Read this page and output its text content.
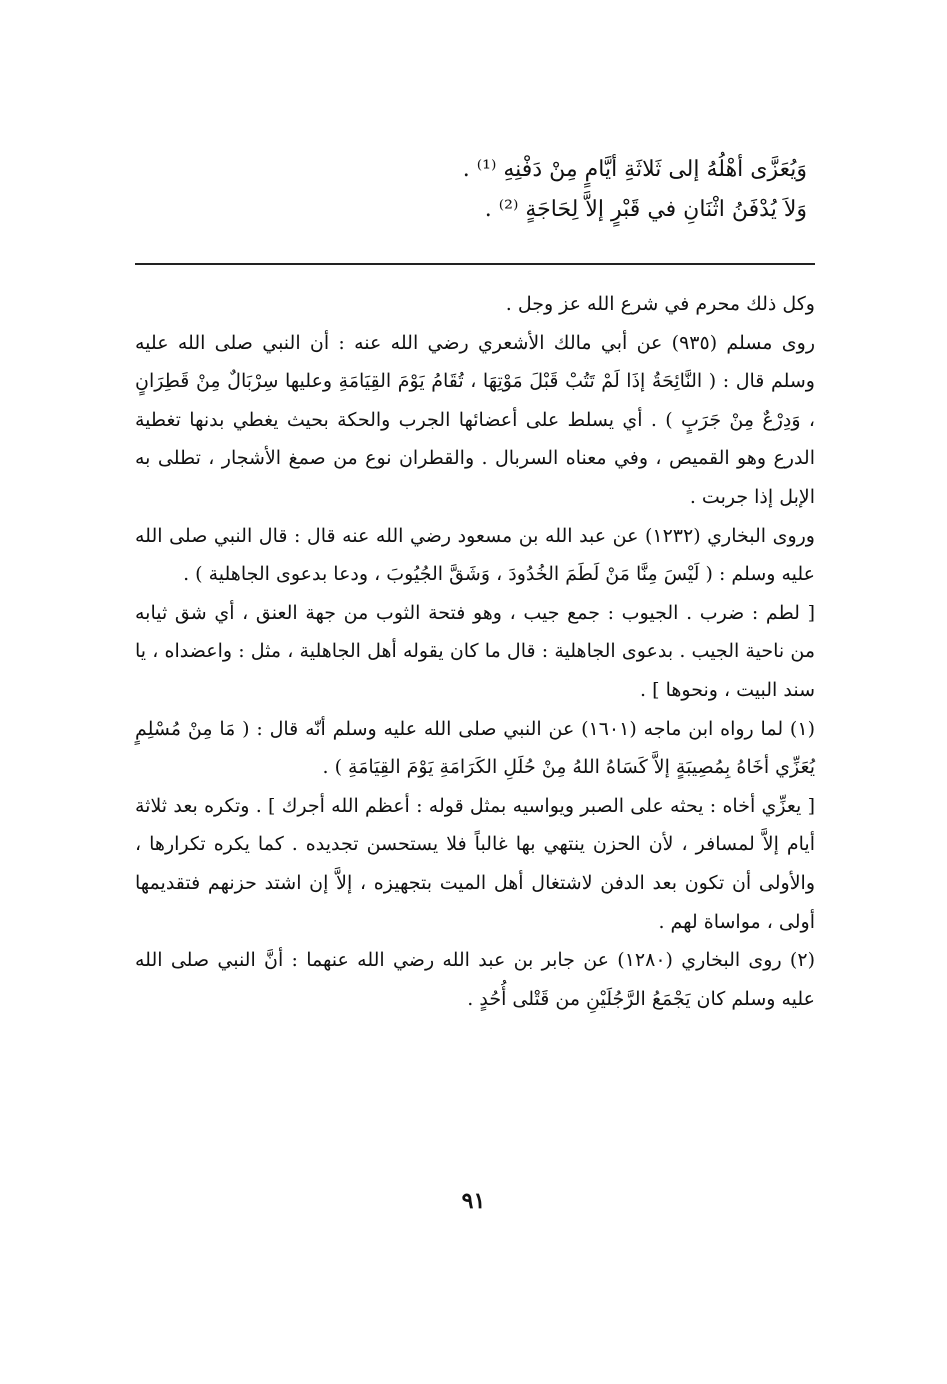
وَيُعَزَّى أهْلُهُ إلى ثَلاثَةِ أيَّامٍ مِنْ دَفْنِهِ ⁽¹⁾ .

وَلاَ يُدْفَنُ اثْنَانِ في قَبْرٍ إلاَّ لِحَاجَةٍ ⁽²⁾ .

وكل ذلك محرم في شرع الله عز وجل .

روى مسلم (٩٣٥) عن أبي مالك الأشعري رضي الله عنه : أن النبي صلى الله عليه وسلم قال : ( النَّائِحَةُ إذَا لَمْ تَتُبْ قَبْلَ مَوْتِهَا ، تُقَامُ يَوْمَ القِيَامَةِ وعليها سِرْبَالٌ مِنْ قَطِرَانٍ ، وَدِرْعٌ مِنْ جَرَبٍ ) . أي يسلط على أعضائها الجرب والحكة بحيث يغطي بدنها تغطية الدرع وهو القميص ، وفي معناه السربال . والقطران نوع من صمغ الأشجار ، تطلى به الإبل إذا جربت .

وروى البخاري (١٢٣٢) عن عبد الله بن مسعود رضي الله عنه قال : قال النبي صلى الله عليه وسلم : ( لَيْسَ مِنَّا مَنْ لَطَمَ الخُدُودَ ، وَشَقَّ الجُيُوبَ ، ودعا بدعوى الجاهلية ) .

[ لطم : ضرب . الجيوب : جمع جيب ، وهو فتحة الثوب من جهة العنق ، أي شق ثيابه من ناحية الجيب . بدعوى الجاهلية : قال ما كان يقوله أهل الجاهلية ، مثل : واعضداه ، يا سند البيت ، ونحوها ] .

(١) لما رواه ابن ماجه (١٦٠١) عن النبي صلى الله عليه وسلم أنّه قال : ( مَا مِنْ مُسْلِمٍ يُعَزِّي أخَاهُ بِمُصِيبَةٍ إلاَّ كَسَاهُ اللهُ مِنْ حُلَلِ الكَرَامَةِ يَوْمَ القِيَامَةِ ) .

[ يعزِّي أخاه : يحثه على الصبر ويواسيه بمثل قوله : أعظم الله أجرك ] . وتكره بعد ثلاثة أيام إلاَّ لمسافر ، لأن الحزن ينتهي بها غالباً فلا يستحسن تجديده . كما يكره تكرارها ، والأولى أن تكون بعد الدفن لاشتغال أهل الميت بتجهيزه ، إلاَّ إن اشتد حزنهم فتقديمها أولى ، مواساة لهم .

(٢) روى البخاري (١٢٨٠) عن جابر بن عبد الله رضي الله عنهما : أنَّ النبي صلى الله عليه وسلم كان يَجْمَعُ الرَّجُلَيْنِ من قَتْلى أُحُدٍ .

٩١
